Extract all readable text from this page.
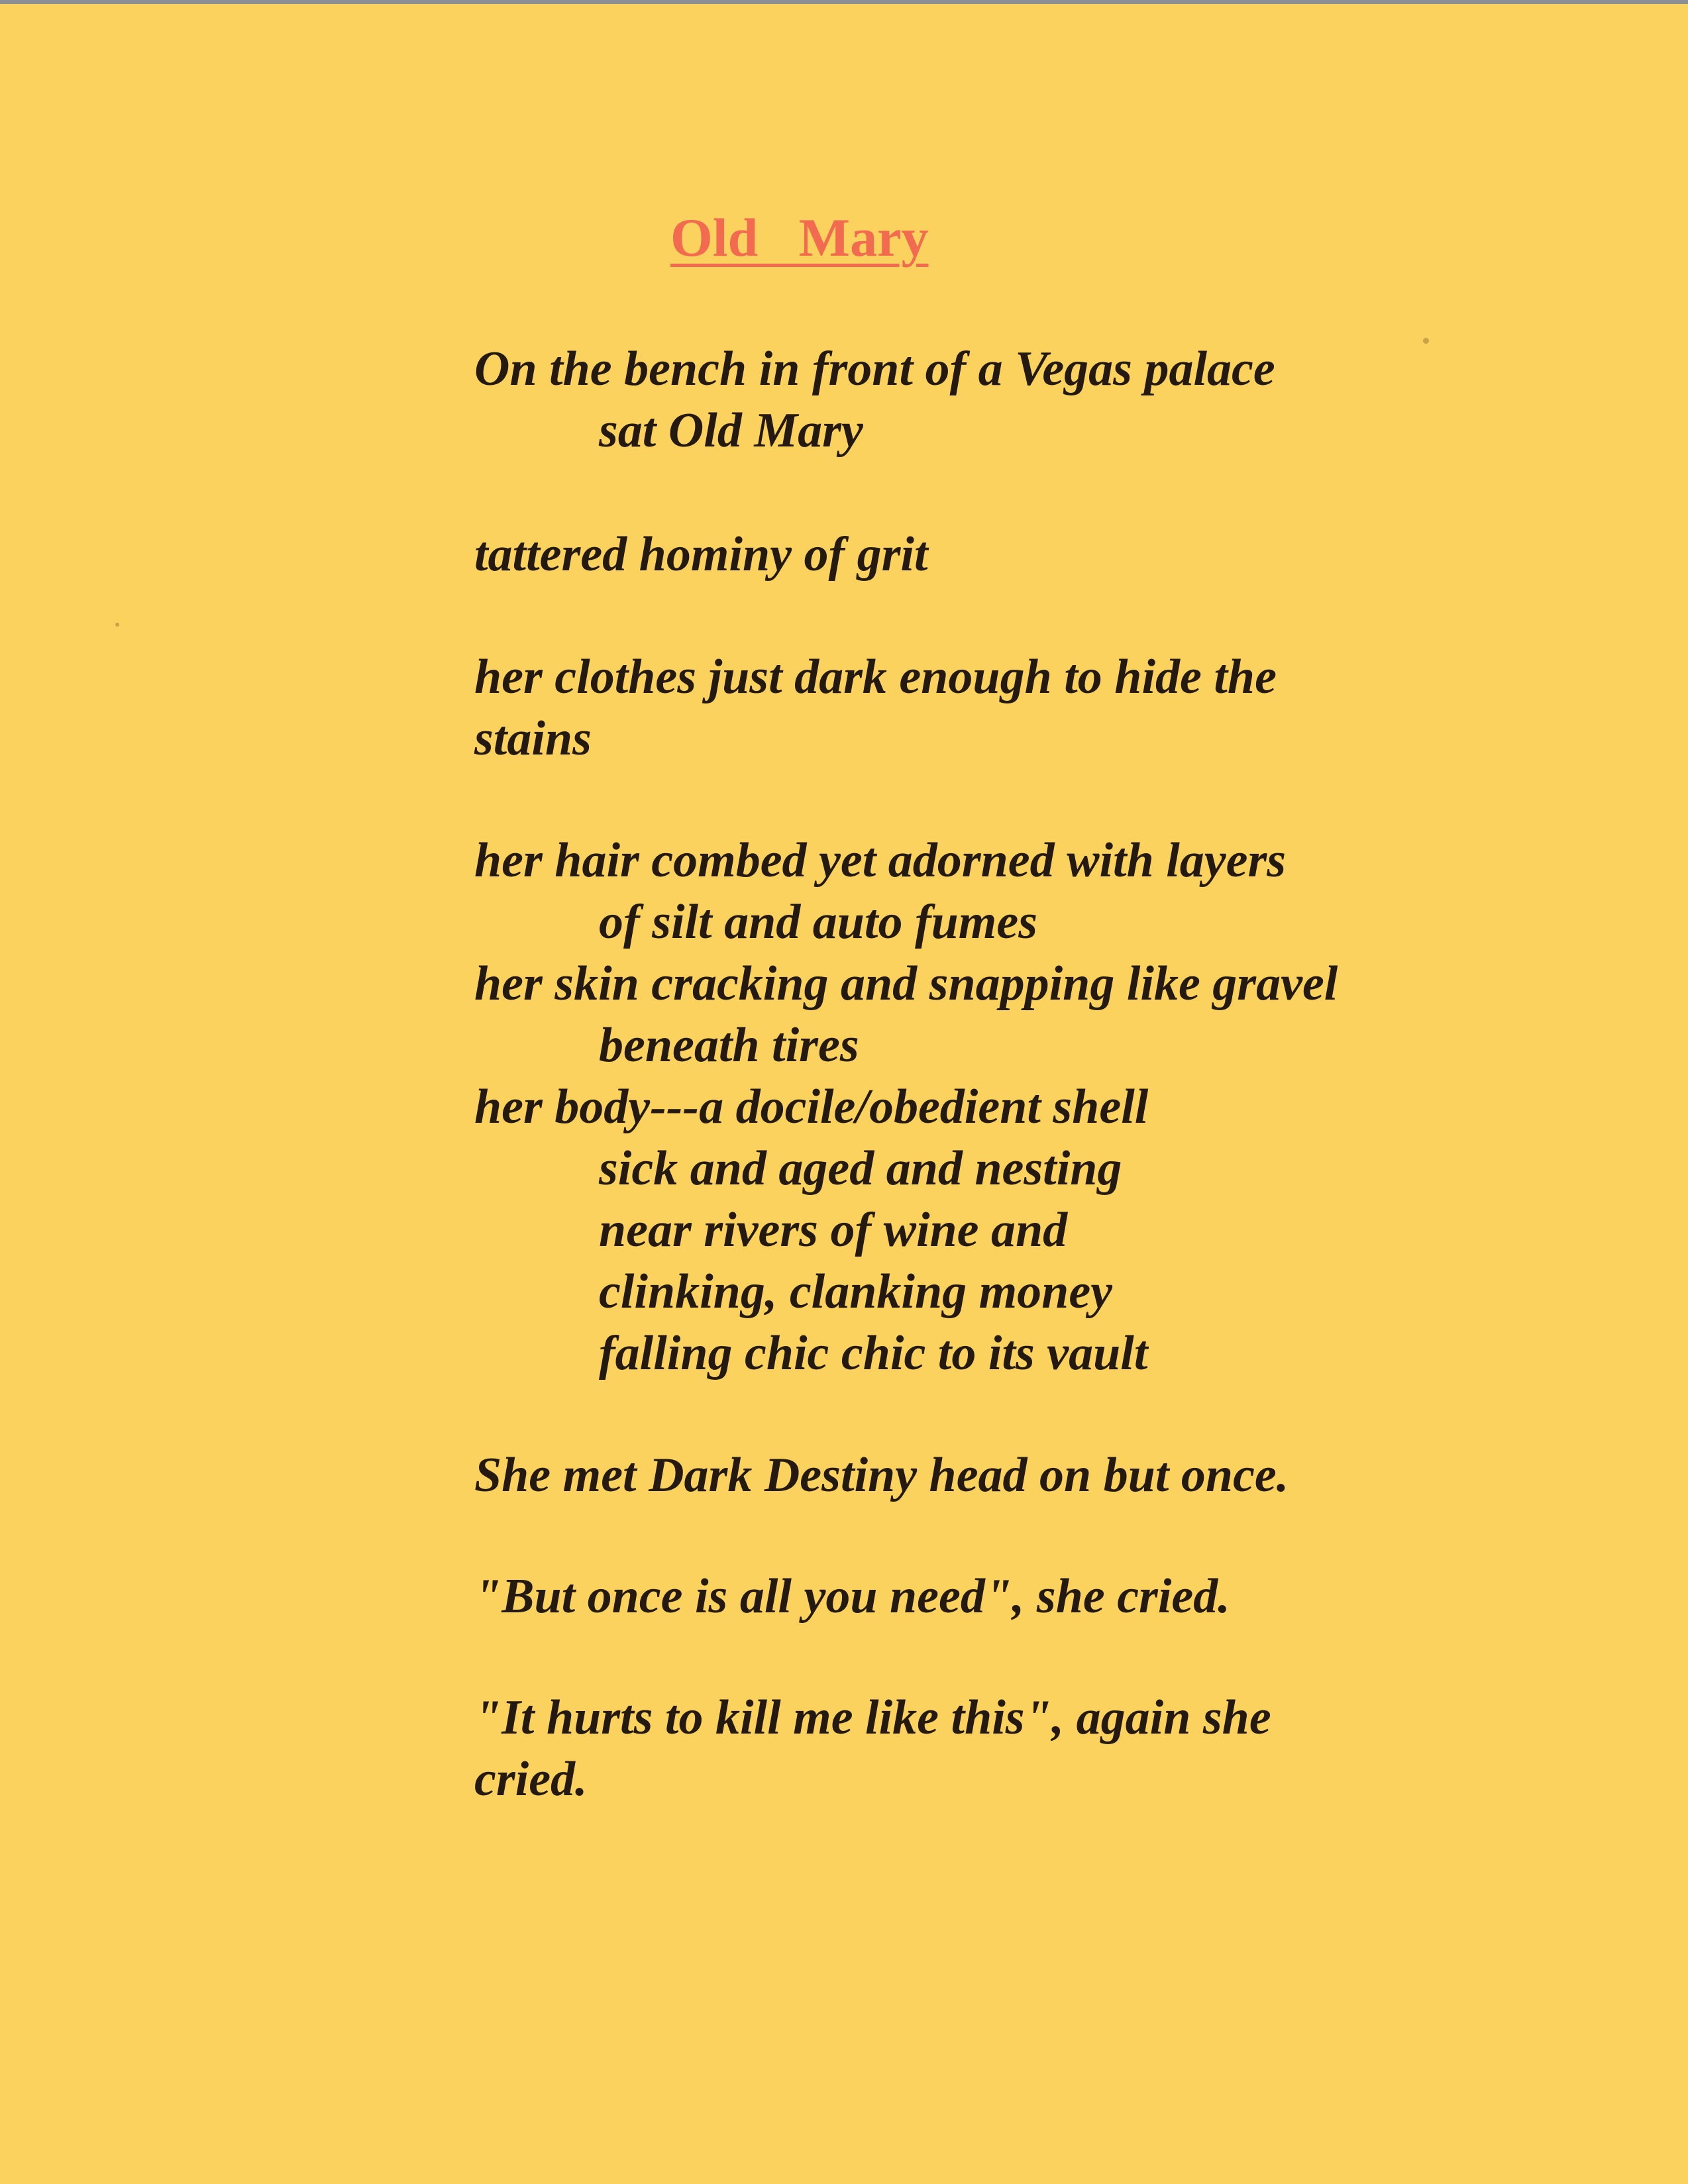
Old   Mary
On the bench in front of a Vegas palace
sat Old Mary
tattered hominy of grit
her clothes just dark enough to hide the
stains
her hair combed yet adorned with layers
of silt and auto fumes
her skin cracking and snapping like gravel
beneath tires
her body---a docile/obedient shell
sick and aged and nesting
near rivers of wine and
clinking, clanking money
falling chic chic to its vault
She met Dark Destiny head on but once.
"But once is all you need", she cried.
"It hurts to kill me like this", again she
cried.
